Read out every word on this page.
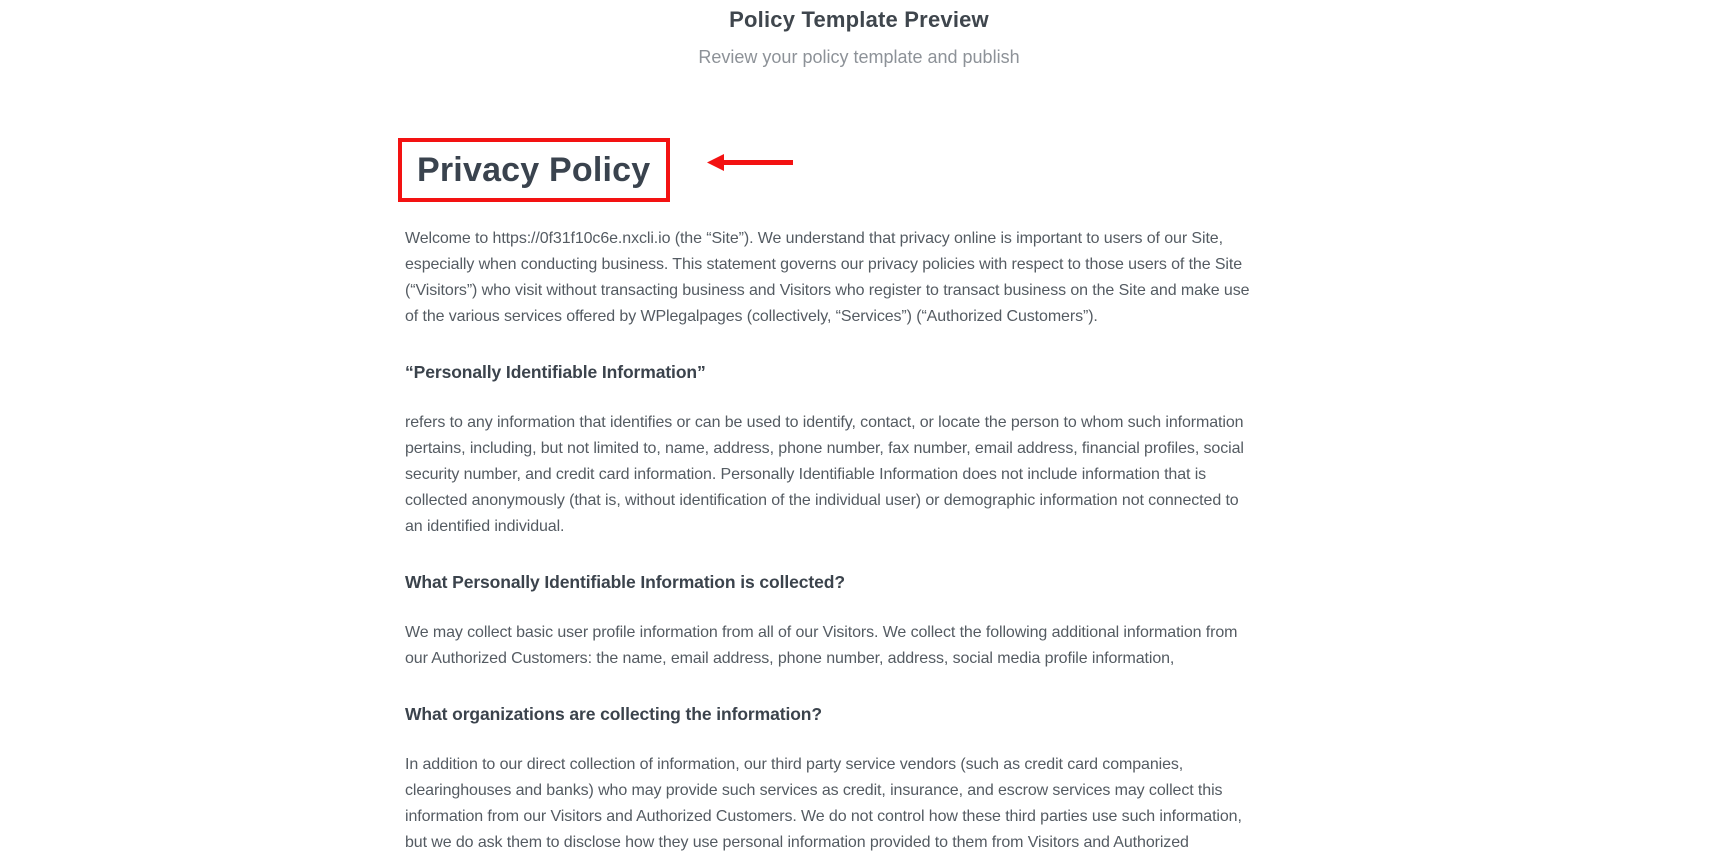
Policy Template Preview

Review your policy template and publish

Privacy Policy

Welcome to https://0f31f10c6e.nxcli.io (the “Site”). We understand that privacy online is important to users of our Site, especially when conducting business. This statement governs our privacy policies with respect to those users of the Site (“Visitors”) who visit without transacting business and Visitors who register to transact business on the Site and make use of the various services offered by WPlegalpages (collectively, “Services”) (“Authorized Customers”).

“Personally Identifiable Information”

refers to any information that identifies or can be used to identify, contact, or locate the person to whom such information pertains, including, but not limited to, name, address, phone number, fax number, email address, financial profiles, social security number, and credit card information. Personally Identifiable Information does not include information that is collected anonymously (that is, without identification of the individual user) or demographic information not connected to an identified individual.

What Personally Identifiable Information is collected?

We may collect basic user profile information from all of our Visitors. We collect the following additional information from our Authorized Customers: the name, email address, phone number, address, social media profile information,

What organizations are collecting the information?

In addition to our direct collection of information, our third party service vendors (such as credit card companies, clearinghouses and banks) who may provide such services as credit, insurance, and escrow services may collect this information from our Visitors and Authorized Customers. We do not control how these third parties use such information, but we do ask them to disclose how they use personal information provided to them from Visitors and Authorized
